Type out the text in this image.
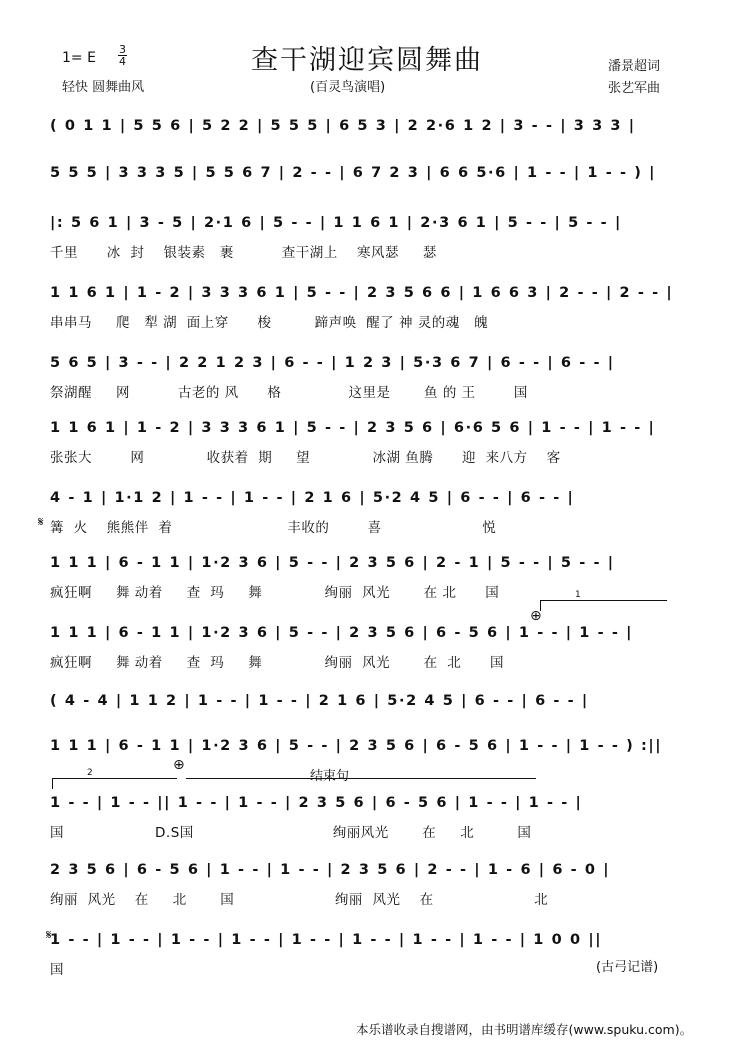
查干湖迎宾圆舞曲
1= E
3
4
轻快 圆舞曲风	(百灵鸟演唱)
潘景超词
张艺军曲
( 0 1 1 | 5 5 6 | 5 2 2 | 5 5 5 | 6 5 3 | 2 2·6 1 2 | 3 - - | 3 3 3 |
5 5 5 | 3 3 3 5 | 5 5 6 7 | 2 - - | 6 7 2 3 | 6 6 5·6 | 1 - - | 1 - - ) |
|: 5 6 1 | 3 - 5 | 2·1 6 | 5 - - | 1 1 6 1 | 2·3 6 1 | 5 - - | 5 - - |
千里      冰  封    银装素   裹          查干湖上    寒风瑟     瑟
1 1 6 1 | 1 - 2 | 3 3 3 6 1 | 5 - - | 2 3 5 6 6 | 1 6 6 3 | 2 - - | 2 - - |
串串马     爬   犁 湖  面上穿      梭         蹄声唤  醒了 神 灵的魂   魄
5 6 5 | 3 - - | 2 2 1 2 3 | 6 - - | 1 2 3 | 5·3 6 7 | 6 - - | 6 - - |
祭湖醒     网          古老的 风      格              这里是       鱼 的 王        国
1 1 6 1 | 1 - 2 | 3 3 3 6 1 | 5 - - | 2 3 5 6 | 6·6 5 6 | 1 - - | 1 - - |
张张大        网             收获着  期     望             冰湖 鱼腾      迎  来八方    客
4 - 1 | 1·1 2 | 1 - - | 1 - - | 2 1 6 | 5·2 4 5 | 6 - - | 6 - - |
篝  火    熊熊伴  着                        丰收的        喜                     悦
1 1 1 | 6 - 1 1 | 1·2 3 6 | 5 - - | 2 3 5 6 | 2 - 1 | 5 - - | 5 - - |
疯狂啊     舞 动着     查  玛     舞             绚丽  风光       在 北      国
1 1 1 | 6 - 1 1 | 1·2 3 6 | 5 - - | 2 3 5 6 | 6 - 5 6 | 1 - - | 1 - - |
疯狂啊     舞 动着     查  玛     舞             绚丽  风光       在  北      国
( 4 - 4 | 1 1 2 | 1 - - | 1 - - | 2 1 6 | 5·2 4 5 | 6 - - | 6 - - |
1 1 1 | 6 - 1 1 | 1·2 3 6 | 5 - - | 2 3 5 6 | 6 - 5 6 | 1 - - | 1 - - ) :||
1 - - | 1 - - || 1 - - | 1 - - | 2 3 5 6 | 6 - 5 6 | 1 - - | 1 - - |
国                   D.S国                             绚丽风光       在     北         国
2 3 5 6 | 6 - 5 6 | 1 - - | 1 - - | 2 3 5 6 | 2 - - | 1 - 6 | 6 - 0 |
绚丽  风光    在     北       国                     绚丽  风光    在                     北
1 - - | 1 - - | 1 - - | 1 - - | 1 - - | 1 - - | 1 - - | 1 - - | 1 0 0 ||
国
𝄋
𝄋
⊕
⊕
结束句
1
2
(古弓记谱)
本乐谱收录自搜谱网，由书明谱库缓存(www.spuku.com)。
